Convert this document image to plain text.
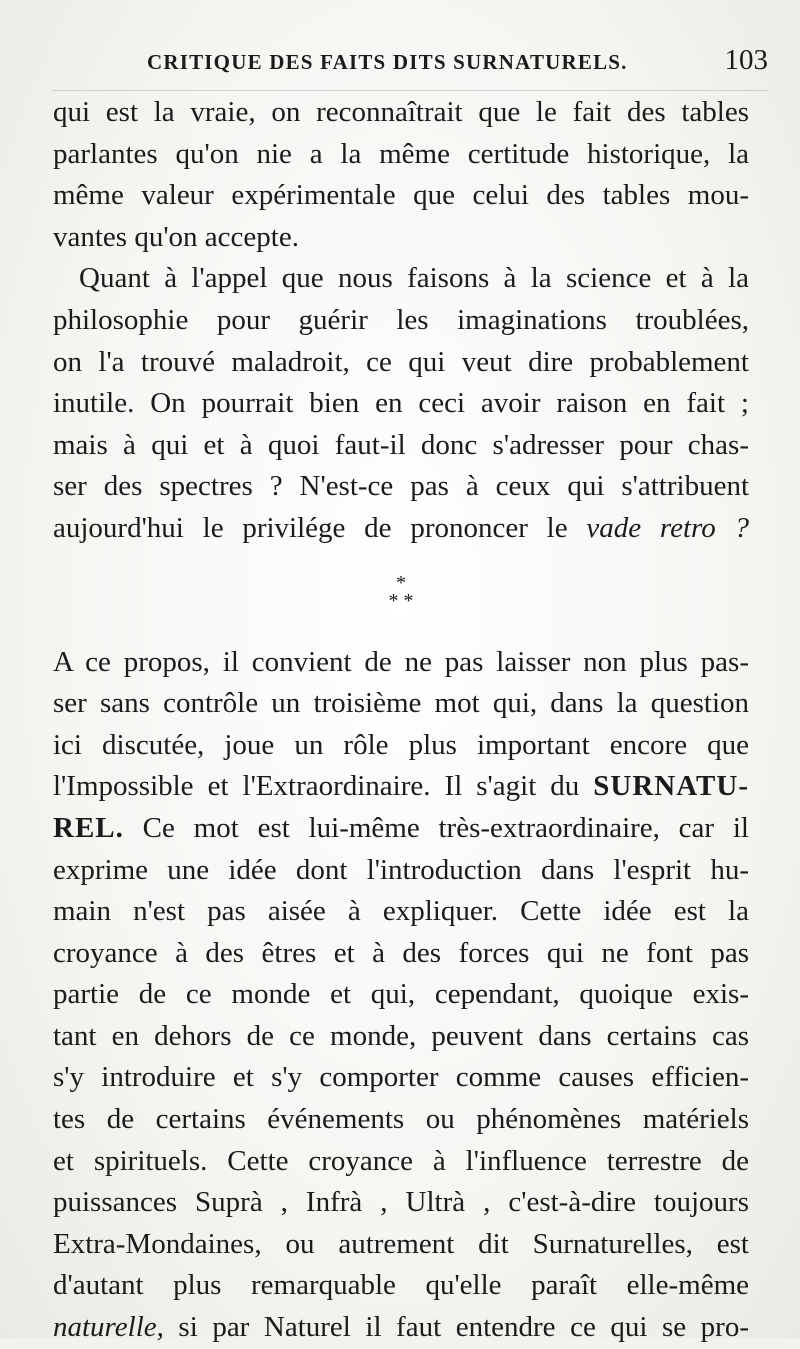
CRITIQUE DES FAITS DITS SURNATURELS.	103
qui est la vraie, on reconnaîtrait que le fait des tables
parlantes qu'on nie a la même certitude historique, la
même valeur expérimentale que celui des tables mou-
vantes qu'on accepte.
Quant à l'appel que nous faisons à la science et à la
philosophie pour guérir les imaginations troublées,
on l'a trouvé maladroit, ce qui veut dire probablement
inutile. On pourrait bien en ceci avoir raison en fait ;
mais à qui et à quoi faut-il donc s'adresser pour chas-
ser des spectres ? N'est-ce pas à ceux qui s'attribuent
aujourd'hui le privilége de prononcer le vade retro ?
*
* *
A ce propos, il convient de ne pas laisser non plus pas-
ser sans contrôle un troisième mot qui, dans la question
ici discutée, joue un rôle plus important encore que
l'Impossible et l'Extraordinaire. Il s'agit du SURNATU-
REL. Ce mot est lui-même très-extraordinaire, car il
exprime une idée dont l'introduction dans l'esprit hu-
main n'est pas aisée à expliquer. Cette idée est la
croyance à des êtres et à des forces qui ne font pas
partie de ce monde et qui, cependant, quoique exis-
tant en dehors de ce monde, peuvent dans certains cas
s'y introduire et s'y comporter comme causes efficien-
tes de certains événements ou phénomènes matériels
et spirituels. Cette croyance à l'influence terrestre de
puissances Suprà , Infrà , Ultrà , c'est-à-dire toujours
Extra-Mondaines, ou autrement dit Surnaturelles, est
d'autant plus remarquable qu'elle paraît elle-même
naturelle, si par Naturel il faut entendre ce qui se pro-
